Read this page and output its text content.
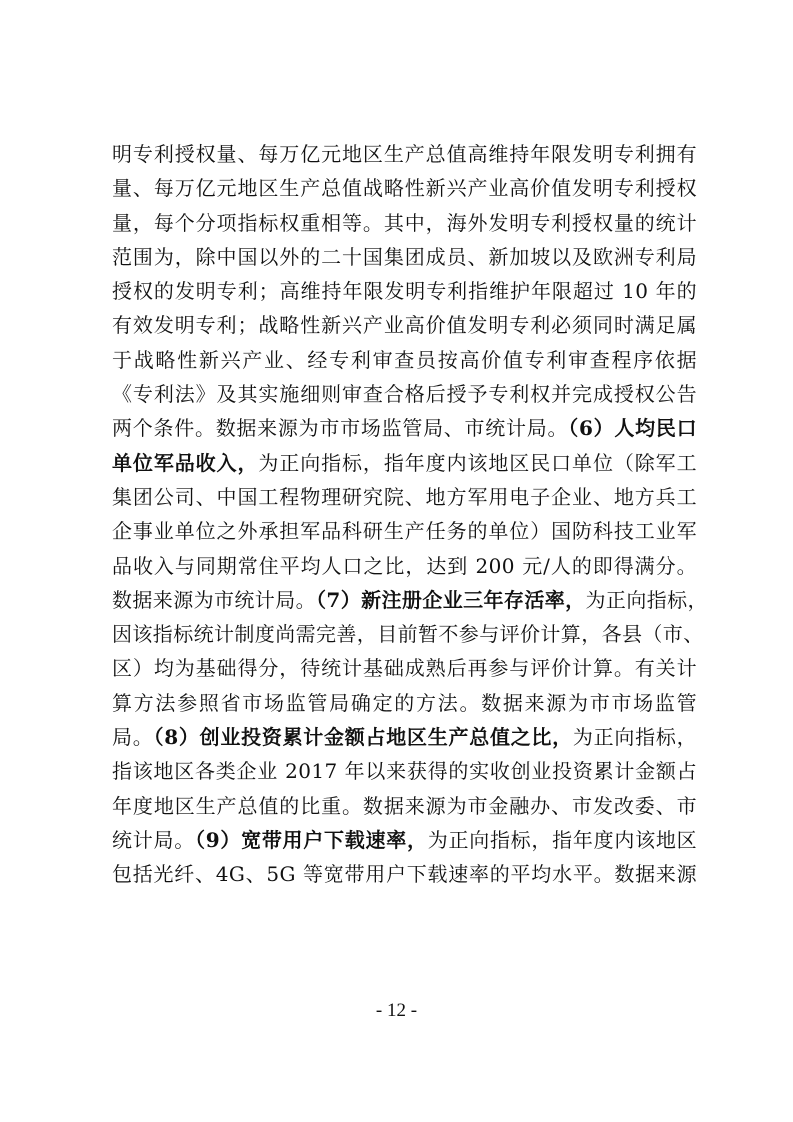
明专利授权量、每万亿元地区生产总值高维持年限发明专利拥有
量、每万亿元地区生产总值战略性新兴产业高价值发明专利授权
量，每个分项指标权重相等。其中，海外发明专利授权量的统计
范围为，除中国以外的二十国集团成员、新加坡以及欧洲专利局
授权的发明专利；高维持年限发明专利指维护年限超过 10 年的
有效发明专利；战略性新兴产业高价值发明专利必须同时满足属
于战略性新兴产业、经专利审查员按高价值专利审查程序依据
《专利法》及其实施细则审查合格后授予专利权并完成授权公告
两个条件。数据来源为市市场监管局、市统计局。（6）人均民口
单位军品收入，为正向指标，指年度内该地区民口单位（除军工
集团公司、中国工程物理研究院、地方军用电子企业、地方兵工
企事业单位之外承担军品科研生产任务的单位）国防科技工业军
品收入与同期常住平均人口之比，达到 200 元/人的即得满分。
数据来源为市统计局。（7）新注册企业三年存活率，为正向指标，
因该指标统计制度尚需完善，目前暂不参与评价计算，各县（市、
区）均为基础得分，待统计基础成熟后再参与评价计算。有关计
算方法参照省市场监管局确定的方法。数据来源为市市场监管
局。（8）创业投资累计金额占地区生产总值之比，为正向指标，
指该地区各类企业 2017 年以来获得的实收创业投资累计金额占
年度地区生产总值的比重。数据来源为市金融办、市发改委、市
统计局。（9）宽带用户下载速率，为正向指标，指年度内该地区
包括光纤、4G、5G 等宽带用户下载速率的平均水平。数据来源

- 12 -
